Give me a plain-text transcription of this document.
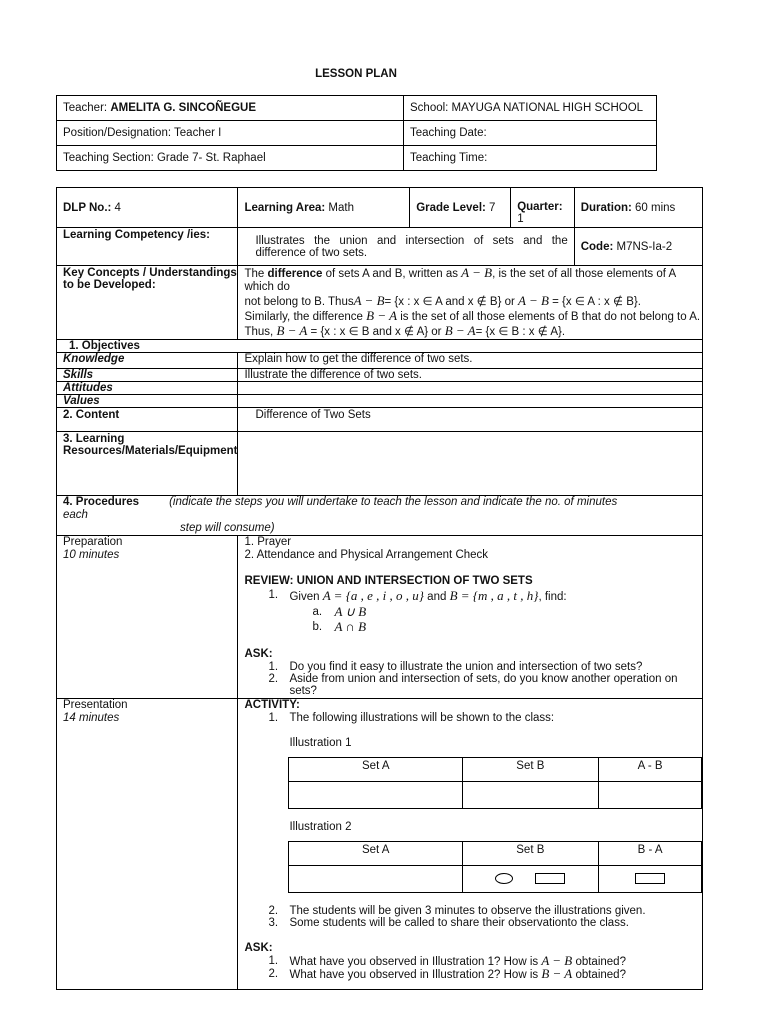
LESSON PLAN
Teacher: AMELITA G. SINCOÑEGUE	School: MAYUGA NATIONAL HIGH SCHOOL
Position/Designation: Teacher I	Teaching Date:
Teaching Section: Grade 7- St. Raphael	Teaching Time:
DLP No.: 4	Learning Area: Math	Grade Level: 7	Quarter:
1	Duration: 60 mins
Learning Competency /ies:	Illustrates the union and intersection of sets and the difference of two sets.	Code: M7NS-Ia-2
Key Concepts / Understandings to be Developed:	
The difference of sets A and B, written as A − B, is the set of all those elements of A which do
not belong to B. ThusA − B= {x : x ∈ A and x ∉ B} or A − B = {x ∈ A : x ∉ B}.
Similarly, the difference B − A is the set of all those elements of B that do not belong to A.
Thus, B − A = {x : x ∈ B and x ∉ A} or B − A= {x ∈ B : x ∉ A}.

1. Objectives
Knowledge	Explain how to get the difference of two sets.
Skills	Illustrate the difference of two sets.
Attitudes	
Values	
2. Content	Difference of Two Sets
3. Learning Resources/Materials/Equipment	
4. Procedures	(indicate the steps you will undertake to teach the lesson and indicate the no. of minutes
each
step will consume)
Preparation
10 minutes	
1. Prayer
2. Attendance and Physical Arrangement Check
REVIEW: UNION AND INTERSECTION OF TWO SETS
1. Given A = {a , e , i , o , u} and B = {m , a , t , h}, find:
a. A ∪ B
b. A ∩ B
ASK:
1. Do you find it easy to illustrate the union and intersection of two sets?
2. Aside from union and intersection of sets, do you know another operation on sets?

Presentation
14 minutes	
ACTIVITY:
1. The following illustrations will be shown to the class:
Illustration 1
Set A	Set B	A - B

Illustration 2
Set A	Set B	B - A

2. The students will be given 3 minutes to observe the illustrations given.
3. Some students will be called to share their observationto the class.
ASK:
1. What have you observed in Illustration 1? How is A − B obtained?
2. What have you observed in Illustration 2? How is B − A obtained?
